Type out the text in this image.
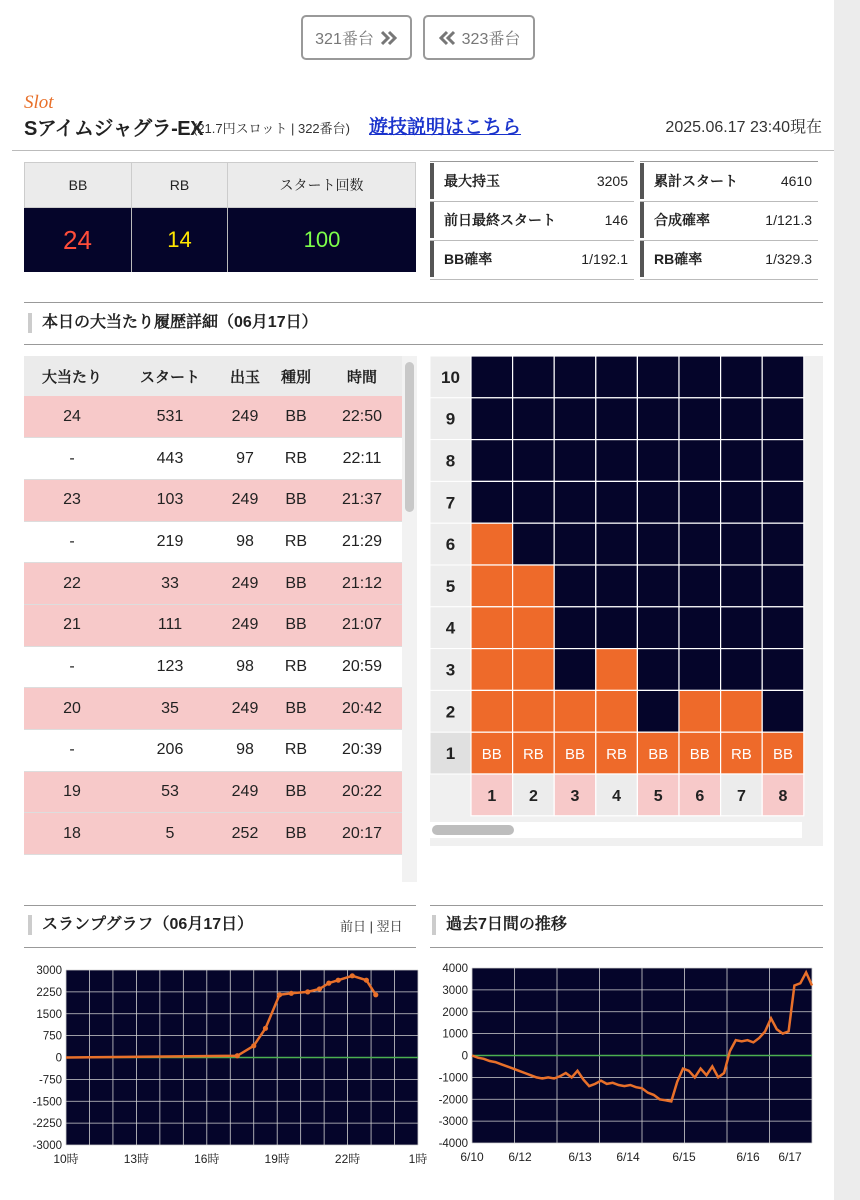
321番台	323番台
Slot
Sアイムジャグラ-EX
(21.7円スロット | 322番台) 遊技説明はこちら	2025.06.17 23:40現在
BB	RB	スタート回数
24	14	100
最大持玉	3205 累計スタート	4610
前日最終スタート	146 合成確率	1/121.3
BB確率	1/192.1 RB確率	1/329.3
本日の大当たり履歴詳細（06月17日）
大当たり	スタート	出玉	種別	時間
24	531	249	BB	22:50
-	443	97	RB	22:11
23	103	249	BB	21:37
-	219	98	RB	21:29
22	33	249	BB	21:12
21	111	249	BB	21:07
-	123	98	RB	20:59
20	35	249	BB	20:42
-	206	98	RB	20:39
19	53	249	BB	20:22
18	5	252	BB	20:17
10
9
8
7
6
5
4
3
2
1 BB
1
RB
2
BB
3
RB
4
BB
5
BB
6
RB
7
BB
8
スランプグラフ（06月17日）	前日 | 翌日
3000
2250
1500
750
0
-750
-1500
-2250
-3000
10時	13時	16時	19時	22時	1時
過去7日間の推移
4000
3000
2000
1000
0
-1000
-2000
-3000
-4000
6/10 6/12	6/13 6/14	6/15	6/16 6/17
